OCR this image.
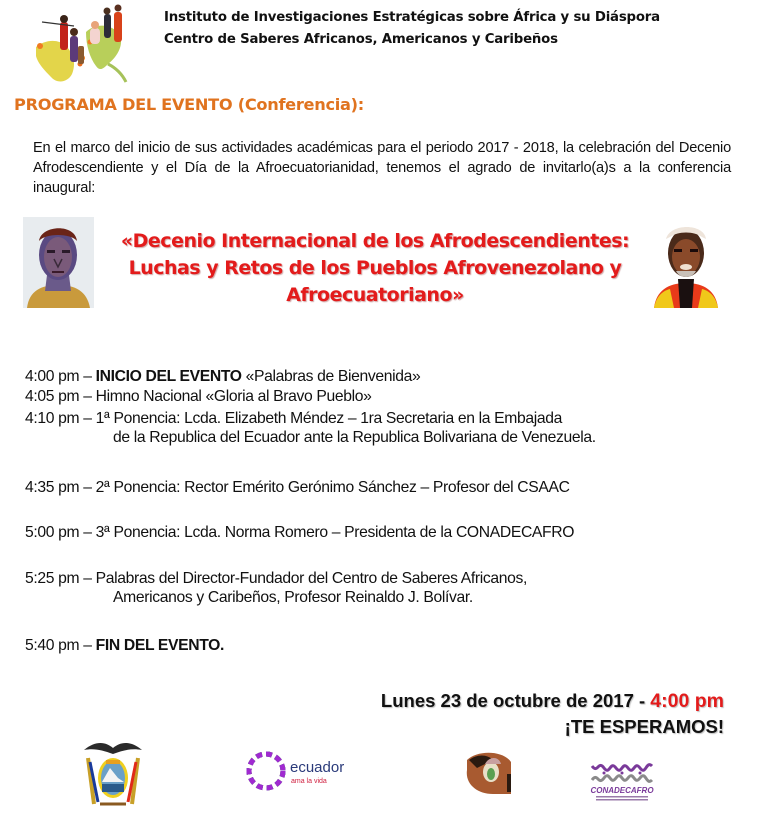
Instituto de Investigaciones Estratégicas sobre África y su Diáspora
Centro de Saberes Africanos, Americanos y Caribeños
PROGRAMA DEL EVENTO (Conferencia):
En el marco del inicio de sus actividades académicas para el periodo 2017 - 2018, la celebración del Decenio Afrodescendiente y el Día de la Afroecuatorianidad, tenemos el agrado de invitarlo(a)s a la conferencia inaugural:
«Decenio Internacional de los Afrodescendientes:
Luchas y Retos de los Pueblos Afrovenezolano y
Afroecuatoriano»
4:00 pm – INICIO DEL EVENTO «Palabras de Bienvenida»
4:05 pm – Himno Nacional «Gloria al Bravo Pueblo»
4:10 pm – 1ª Ponencia: Lcda. Elizabeth Méndez – 1ra Secretaria en la Embajada
de la Republica del Ecuador ante la Republica Bolivariana de Venezuela.
4:35 pm – 2ª Ponencia: Rector Emérito Gerónimo Sánchez – Profesor del CSAAC
5:00 pm – 3ª Ponencia: Lcda. Norma Romero – Presidenta de la CONADECAFRO
5:25 pm – Palabras del Director-Fundador del Centro de Saberes Africanos,
Americanos y Caribeños, Profesor Reinaldo J. Bolívar.
5:40 pm – FIN DEL EVENTO.
Lunes 23 de octubre de 2017 - 4:00 pm
¡TE ESPERAMOS!
ecuador
ama la vida
CONADECAFRO
